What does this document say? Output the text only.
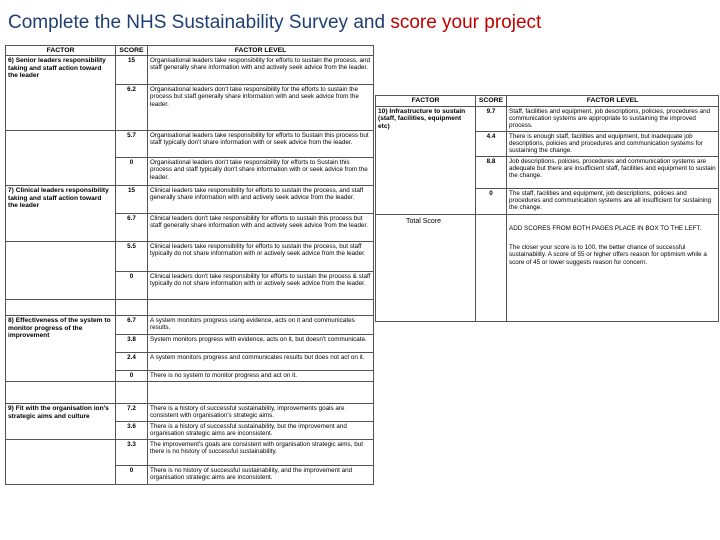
Complete the NHS Sustainability Survey and score your project
FACTOR	SCORE	FACTOR LEVEL
6) Senior leaders responsibility taking and staff action toward the leader	15	Organisational leaders take responsibility for efforts to sustain the process, and staff generally share information with and actively seek advice from the leader.
	6.2	Organisational leaders don't take responsibility for the efforts to sustain the process but staff generally share information with and seek advice from the leader.
	5.7	Organisational leaders take responsibility for efforts to Sustain this process but staff typically don't share information with or seek advice from the leader.
	0	Organisational leaders don't take responsibility for efforts to Sustain this process and staff typically don't share information with or seek advice from the leader.
7) Clinical leaders responsibility taking and staff action toward the leader	15	Clinical leaders take responsibility for efforts to sustain the process, and staff generally share information with and actively seek advice from the leader.
	6.7	Clinical leaders don't take responsibility for efforts to sustain this process but staff generally share information with and actively seek advice from the leader.
	5.5	Clinical leaders take responsibility for efforts to sustain the process, but staff typically do not share information with or actively seek advice from the leader.
	0	Clinical leaders don't take responsibility for efforts to sustain the process & staff typically do not share information with or actively seek advice from the leader.

8) Effectiveness of the system to monitor progress of the improvement	6.7	A system monitors progress using evidence, acts on it and communicates results.
	3.8	System monitors progress with evidence, acts on it, but doesn't communicate.
	2.4	A system monitors progress and communicates results but does not act on it.
	0	There is no system to monitor progress and act on it.

9) Fit with the organisation ion's strategic aims and culture	7.2	There is a history of successful sustainability, improvements goals are consistent with organisation's strategic aims.
	3.6	There is a history of successful sustainability, but the improvement and organisation strategic aims are inconsistent.
	3.3	The improvement's goals are consistent with organisation strategic aims, but there is no history of successful sustainability.
	0	There is no history of successful sustainability, and the improvement and organisation strategic aims are inconsistent.
FACTOR	SCORE	FACTOR LEVEL
10) Infrastructure to sustain (staff, facilities, equipment etc)	9.7	Staff, facilities and equipment, job descriptions, policies, procedures and communication systems are appropriate to sustaining the improved process.
	4.4	There is enough staff, facilities and equipment, but inadequate job descriptions, policies and procedures and communication systems for sustaining the change.
	8.8	Job descriptions, policies, procedures and communication systems are adequate but there are insufficient staff, facilities and equipment to sustain the change.
	0	The staff, facilities and equipment, job descriptions, policies and procedures and communication systems are all insufficient for sustaining the change.
Total Score		ADD SCORES FROM BOTH PAGES PLACE IN BOX TO THE LEFT.
The closer your score is to 100, the better chance of successful sustainability. A score of 55 or higher offers reason for optimism while a score of 45 or lower suggests reason for concern.
